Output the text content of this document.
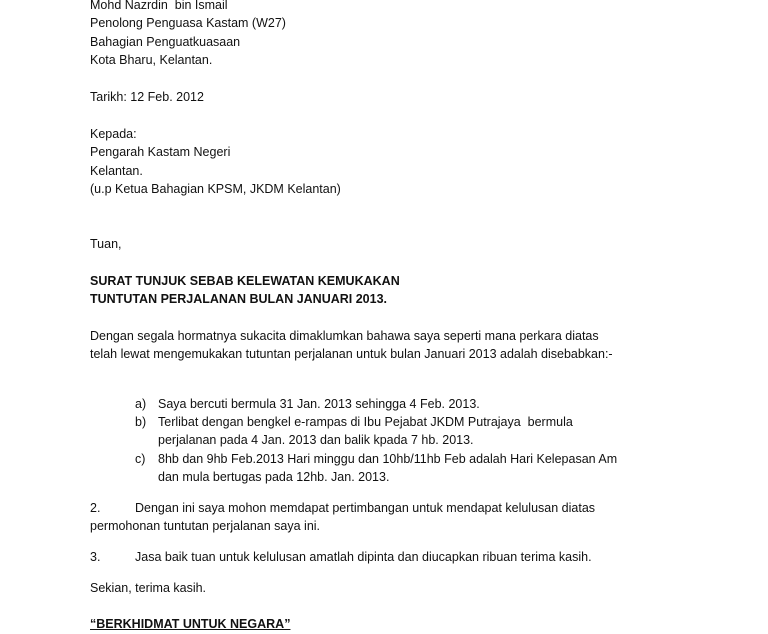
Mohd Nazrdin  bin Ismail
Penolong Penguasa Kastam (W27)
Bahagian Penguatkuasaan
Kota Bharu, Kelantan.
Tarikh: 12 Feb. 2012
Kepada:
Pengarah Kastam Negeri
Kelantan.
(u.p Ketua Bahagian KPSM, JKDM Kelantan)
Tuan,
SURAT TUNJUK SEBAB KELEWATAN KEMUKAKAN
TUNTUTAN PERJALANAN BULAN JANUARI 2013.
Dengan segala hormatnya sukacita dimaklumkan bahawa saya seperti mana perkara diatas
telah lewat mengemukakan tutuntan perjalanan untuk bulan Januari 2013 adalah disebabkan:-
a) Saya bercuti bermula 31 Jan. 2013 sehingga 4 Feb. 2013.
b) Terlibat dengan bengkel e-rampas di Ibu Pejabat JKDM Putrajaya  bermula
perjalanan pada 4 Jan. 2013 dan balik kpada 7 hb. 2013.
c) 8hb dan 9hb Feb.2013 Hari minggu dan 10hb/11hb Feb adalah Hari Kelepasan Am
dan mula bertugas pada 12hb. Jan. 2013.
2.	Dengan ini saya mohon memdapat pertimbangan untuk mendapat kelulusan diatas
permohonan tuntutan perjalanan saya ini.
3.	Jasa baik tuan untuk kelulusan amatlah dipinta dan diucapkan ribuan terima kasih.
Sekian, terima kasih.
“BERKHIDMAT UNTUK NEGARA”
